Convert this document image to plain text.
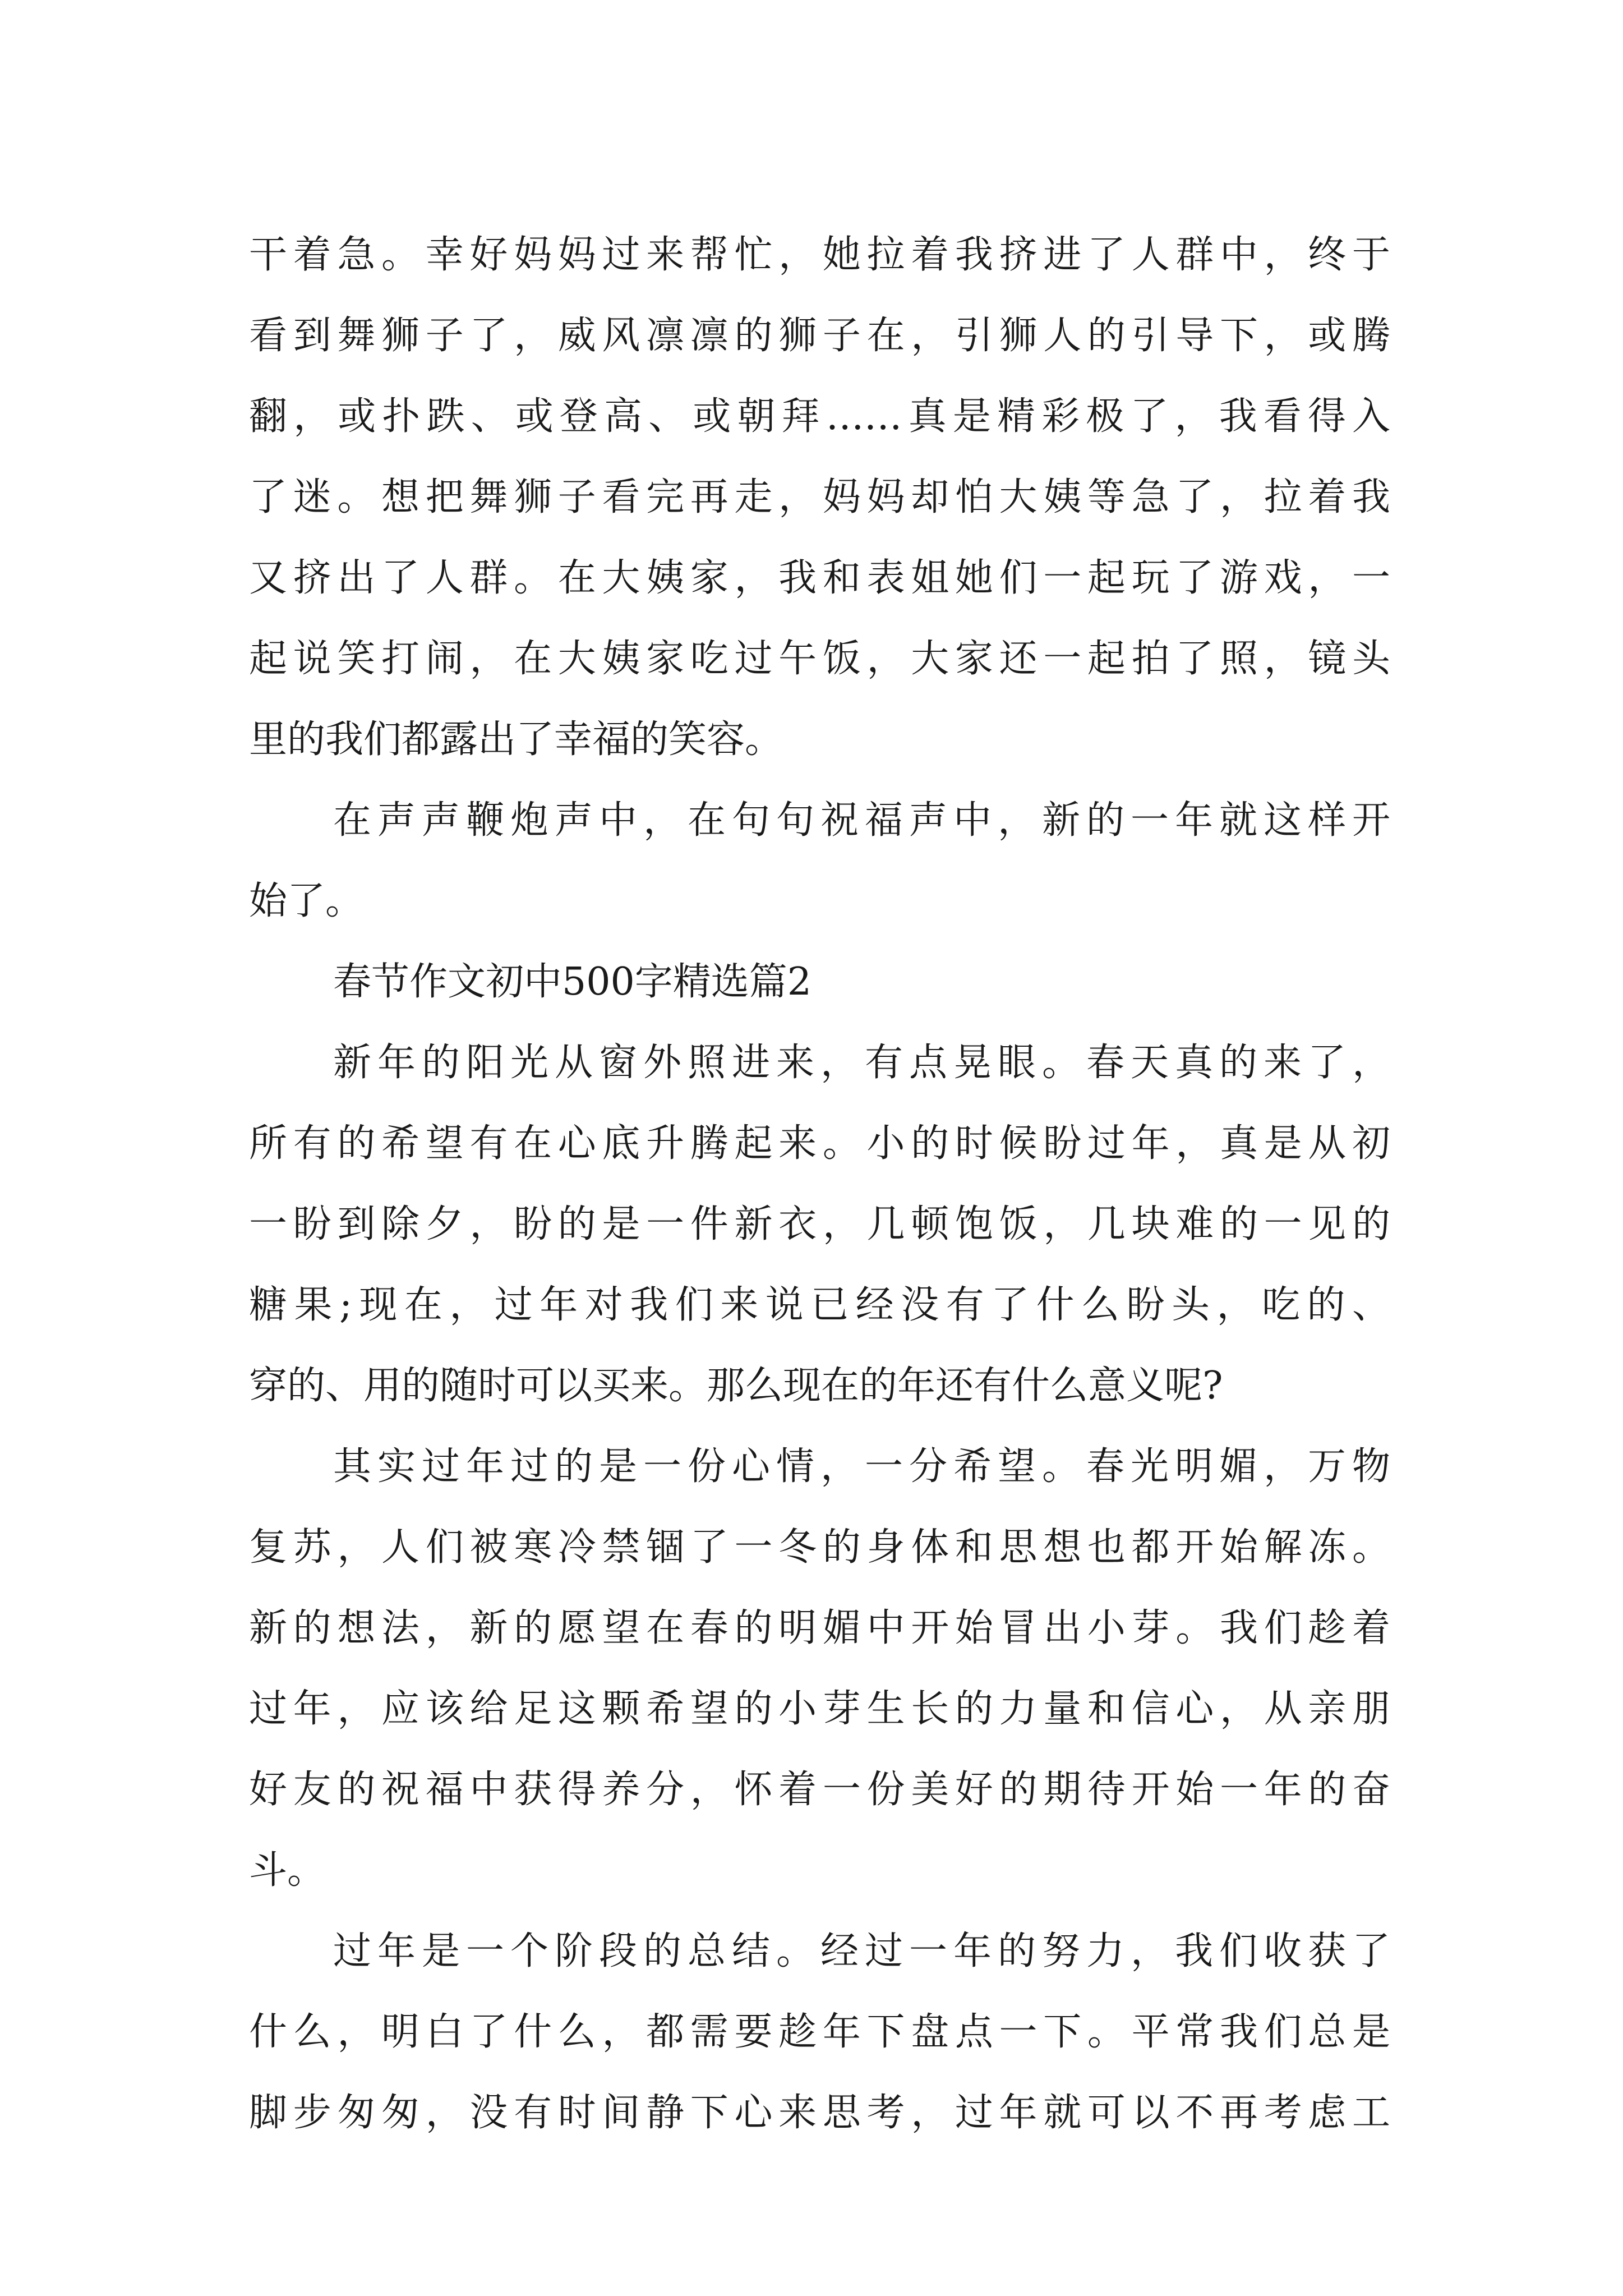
干着急。幸好妈妈过来帮忙，她拉着我挤进了人群中，终于
看到舞狮子了，威风凛凛的狮子在，引狮人的引导下，或腾
翻，或扑跌、或登高、或朝拜……真是精彩极了，我看得入
了迷。想把舞狮子看完再走，妈妈却怕大姨等急了，拉着我
又挤出了人群。在大姨家，我和表姐她们一起玩了游戏，一
起说笑打闹，在大姨家吃过午饭，大家还一起拍了照，镜头
里的我们都露出了幸福的笑容。
在声声鞭炮声中，在句句祝福声中，新的一年就这样开
始了。
春节作文初中500字精选篇2
新年的阳光从窗外照进来，有点晃眼。春天真的来了，
所有的希望有在心底升腾起来。小的时候盼过年，真是从初
一盼到除夕，盼的是一件新衣，几顿饱饭，几块难的一见的
糖果;现在，过年对我们来说已经没有了什么盼头，吃的、
穿的、用的随时可以买来。那么现在的年还有什么意义呢?
其实过年过的是一份心情，一分希望。春光明媚，万物
复苏，人们被寒冷禁锢了一冬的身体和思想也都开始解冻。
新的想法，新的愿望在春的明媚中开始冒出小芽。我们趁着
过年，应该给足这颗希望的小芽生长的力量和信心，从亲朋
好友的祝福中获得养分，怀着一份美好的期待开始一年的奋
斗。
过年是一个阶段的总结。经过一年的努力，我们收获了
什么，明白了什么，都需要趁年下盘点一下。平常我们总是
脚步匆匆，没有时间静下心来思考，过年就可以不再考虑工
